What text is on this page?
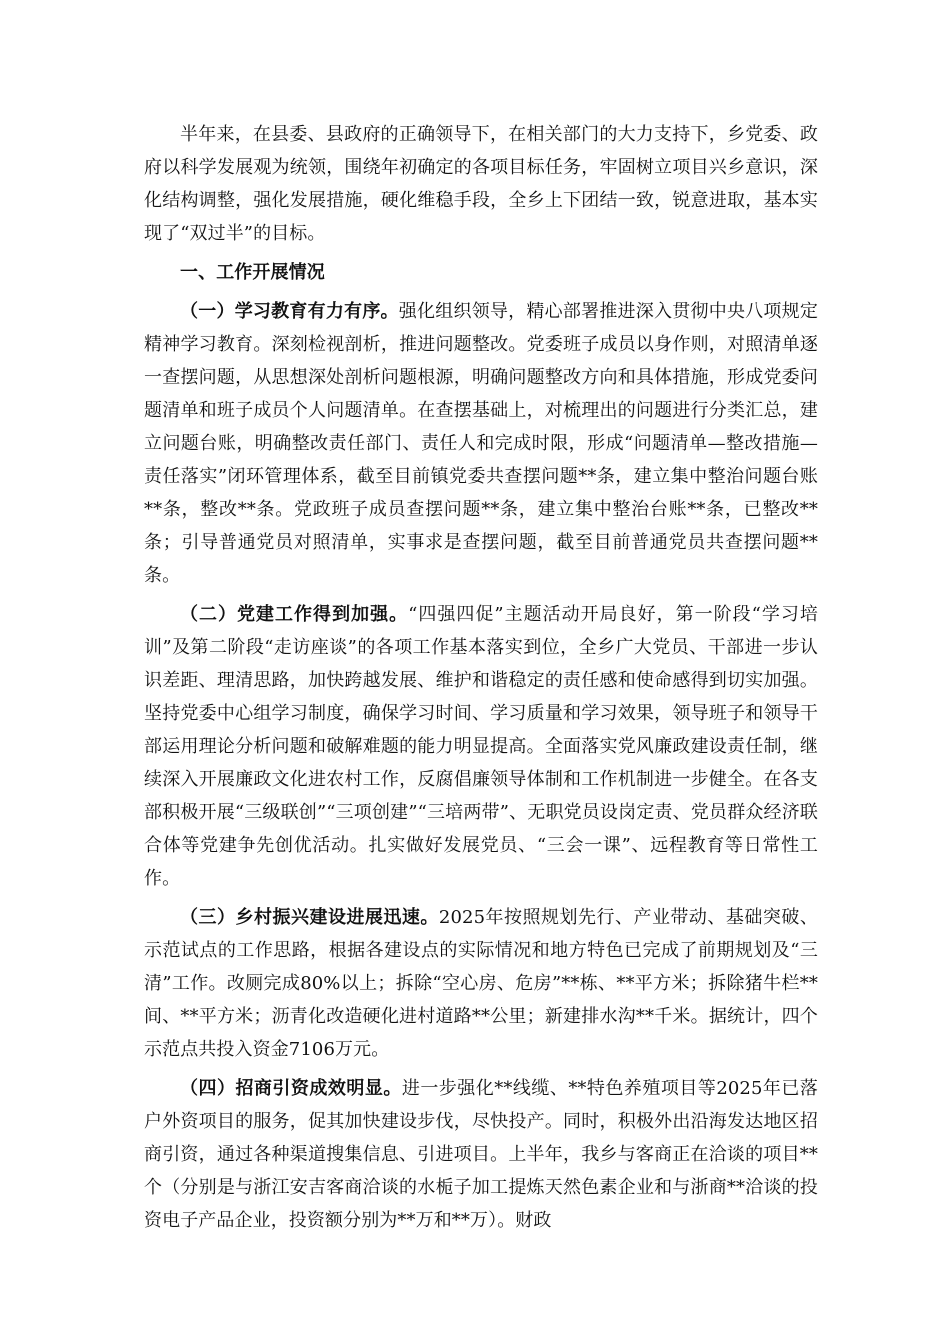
半年来，在县委、县政府的正确领导下，在相关部门的大力支持下，乡党委、政府以科学发展观为统领，围绕年初确定的各项目标任务，牢固树立项目兴乡意识，深化结构调整，强化发展措施，硬化维稳手段，全乡上下团结一致，锐意进取，基本实现了“双过半”的目标。

一、工作开展情况

（一）学习教育有力有序。强化组织领导，精心部署推进深入贯彻中央八项规定精神学习教育。深刻检视剖析，推进问题整改。党委班子成员以身作则，对照清单逐一查摆问题，从思想深处剖析问题根源，明确问题整改方向和具体措施，形成党委问题清单和班子成员个人问题清单。在查摆基础上，对梳理出的问题进行分类汇总，建立问题台账，明确整改责任部门、责任人和完成时限，形成“问题清单—整改措施—责任落实”闭环管理体系，截至目前镇党委共查摆问题**条，建立集中整治问题台账**条，整改**条。党政班子成员查摆问题**条，建立集中整治台账**条，已整改**条；引导普通党员对照清单，实事求是查摆问题，截至目前普通党员共查摆问题**条。

（二）党建工作得到加强。“四强四促”主题活动开局良好，第一阶段“学习培训”及第二阶段“走访座谈”的各项工作基本落实到位，全乡广大党员、干部进一步认识差距、理清思路，加快跨越发展、维护和谐稳定的责任感和使命感得到切实加强。坚持党委中心组学习制度，确保学习时间、学习质量和学习效果，领导班子和领导干部运用理论分析问题和破解难题的能力明显提高。全面落实党风廉政建设责任制，继续深入开展廉政文化进农村工作，反腐倡廉领导体制和工作机制进一步健全。在各支部积极开展“三级联创”“三项创建”“三培两带”、无职党员设岗定责、党员群众经济联合体等党建争先创优活动。扎实做好发展党员、“三会一课”、远程教育等日常性工作。

（三）乡村振兴建设进展迅速。2025年按照规划先行、产业带动、基础突破、示范试点的工作思路，根据各建设点的实际情况和地方特色已完成了前期规划及“三清”工作。改厕完成80%以上；拆除“空心房、危房”**栋、**平方米；拆除猪牛栏**间、**平方米；沥青化改造硬化进村道路**公里；新建排水沟**千米。据统计，四个示范点共投入资金7106万元。

（四）招商引资成效明显。进一步强化**线缆、**特色养殖项目等2025年已落户外资项目的服务，促其加快建设步伐，尽快投产。同时，积极外出沿海发达地区招商引资，通过各种渠道搜集信息、引进项目。上半年，我乡与客商正在洽谈的项目**个（分别是与浙江安吉客商洽谈的水栀子加工提炼天然色素企业和与浙商**洽谈的投资电子产品企业，投资额分别为**万和**万）。财政
